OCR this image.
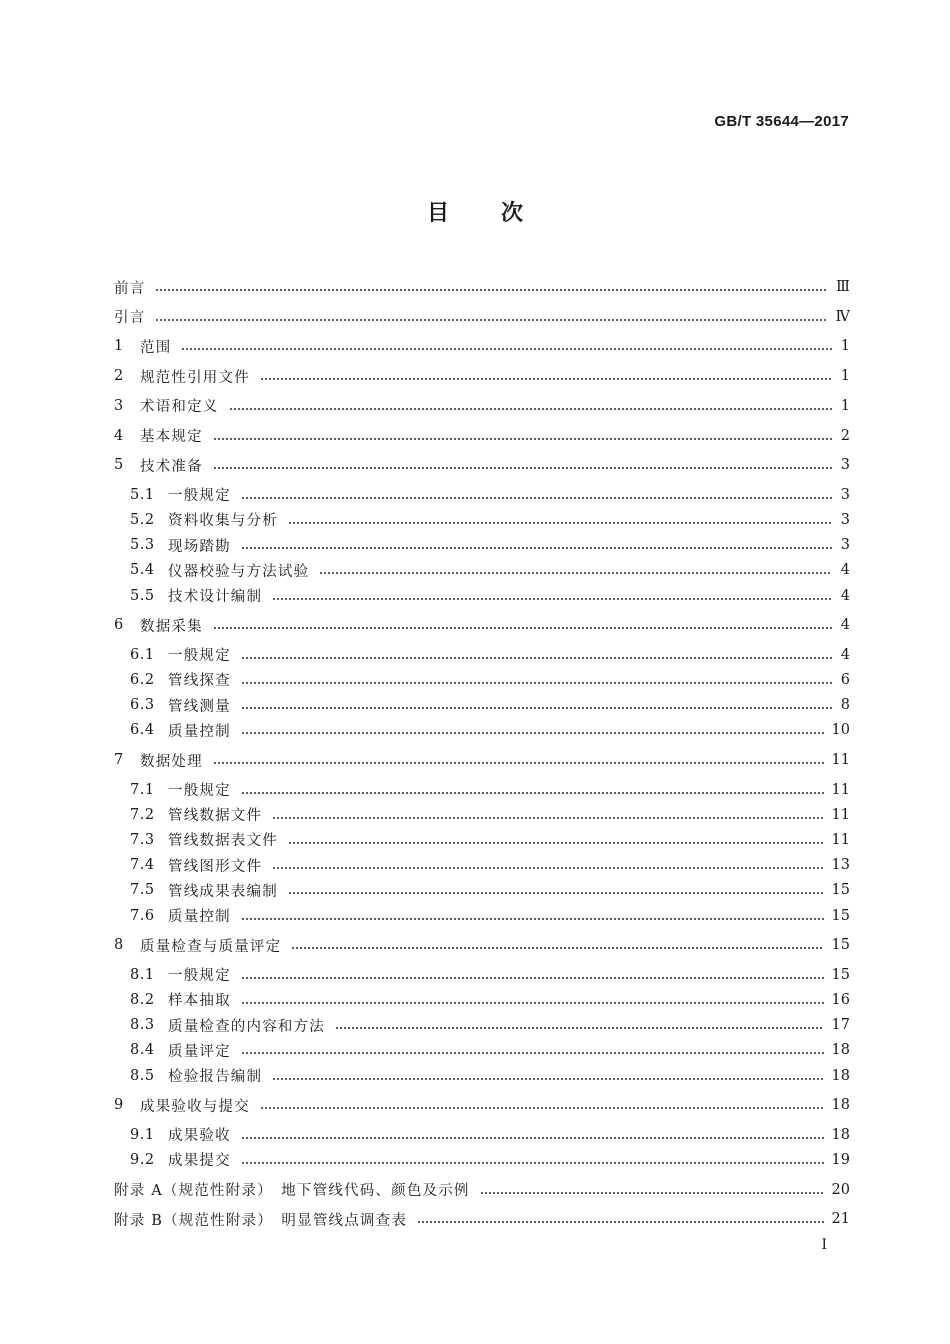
GB/T 35644—2017
目次
前言	Ⅲ
引言	Ⅳ
1	范围	1
2	规范性引用文件	1
3	术语和定义	1
4	基本规定	2
5	技术准备	3
5.1 一般规定	3
5.2 资料收集与分析	3
5.3 现场踏勘	3
5.4 仪器校验与方法试验	4
5.5 技术设计编制	4
6	数据采集	4
6.1 一般规定	4
6.2 管线探查	6
6.3 管线测量	8
6.4 质量控制	10
7	数据处理	11
7.1 一般规定	11
7.2 管线数据文件	11
7.3 管线数据表文件	11
7.4 管线图形文件	13
7.5 管线成果表编制	15
7.6 质量控制	15
8	质量检查与质量评定	15
8.1 一般规定	15
8.2 样本抽取	16
8.3 质量检查的内容和方法	17
8.4 质量评定	18
8.5 检验报告编制	18
9	成果验收与提交	18
9.1 成果验收	18
9.2 成果提交	19
附录 A（规范性附录）　地下管线代码、颜色及示例	20
附录 B（规范性附录）　明显管线点调查表	21
I
